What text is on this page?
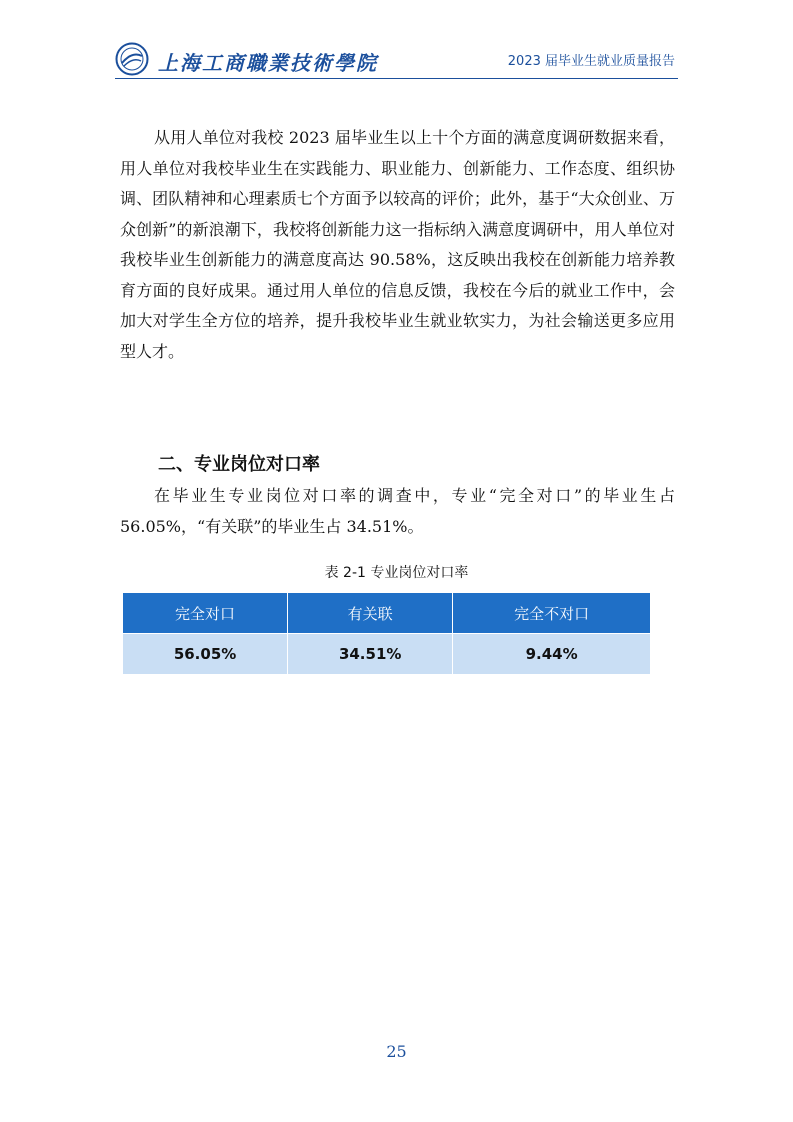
上海工商職業技術學院	2023 届毕业生就业质量报告

从用人单位对我校 2023 届毕业生以上十个方面的满意度调研数据来看，用人单位对我校毕业生在实践能力、职业能力、创新能力、工作态度、组织协调、团队精神和心理素质七个方面予以较高的评价；此外，基于“大众创业、万众创新”的新浪潮下，我校将创新能力这一指标纳入满意度调研中，用人单位对我校毕业生创新能力的满意度高达 90.58%，这反映出我校在创新能力培养教育方面的良好成果。通过用人单位的信息反馈，我校在今后的就业工作中，会加大对学生全方位的培养，提升我校毕业生就业软实力，为社会输送更多应用型人才。

二、专业岗位对口率

在毕业生专业岗位对口率的调查中，专业“完全对口”的毕业生占 56.05%，“有关联”的毕业生占 34.51%。

表 2-1 专业岗位对口率
完全对口	有关联	完全不对口
56.05%	34.51%	9.44%
25
